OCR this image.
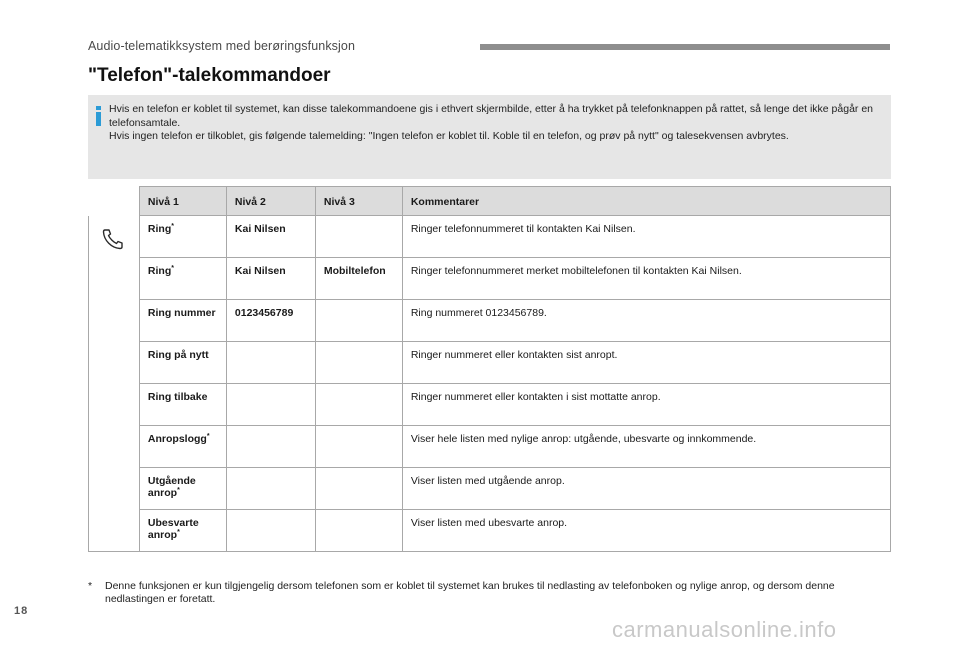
Audio-telematikksystem med berøringsfunksjon
"Telefon"-talekommandoer
Hvis en telefon er koblet til systemet, kan disse talekommandoene gis i ethvert skjermbilde, etter å ha trykket på telefonknappen på rattet, så lenge det ikke pågår en telefonsamtale.
Hvis ingen telefon er tilkoblet, gis følgende talemelding: "Ingen telefon er koblet til. Koble til en telefon, og prøv på nytt" og talesekvensen avbrytes.
	Nivå 1	Nivå 2	Nivå 3	Kommentarer
	Ring*	Kai Nilsen		Ringer telefonnummeret til kontakten Kai Nilsen.
	Ring*	Kai Nilsen	Mobiltelefon	Ringer telefonnummeret merket mobiltelefonen til kontakten Kai Nilsen.
	Ring nummer	0123456789		Ring nummeret 0123456789.
	Ring på nytt			Ringer nummeret eller kontakten sist anropt.
	Ring tilbake			Ringer nummeret eller kontakten i sist mottatte anrop.
	Anropslogg*			Viser hele listen med nylige anrop: utgående, ubesvarte og innkommende.
	Utgående
anrop*			Viser listen med utgående anrop.
	Ubesvarte
anrop*			Viser listen med ubesvarte anrop.
* Denne funksjonen er kun tilgjengelig dersom telefonen som er koblet til systemet kan brukes til nedlasting av telefonboken og nylige anrop, og dersom denne nedlastingen er foretatt.
18
carmanualsonline.info
